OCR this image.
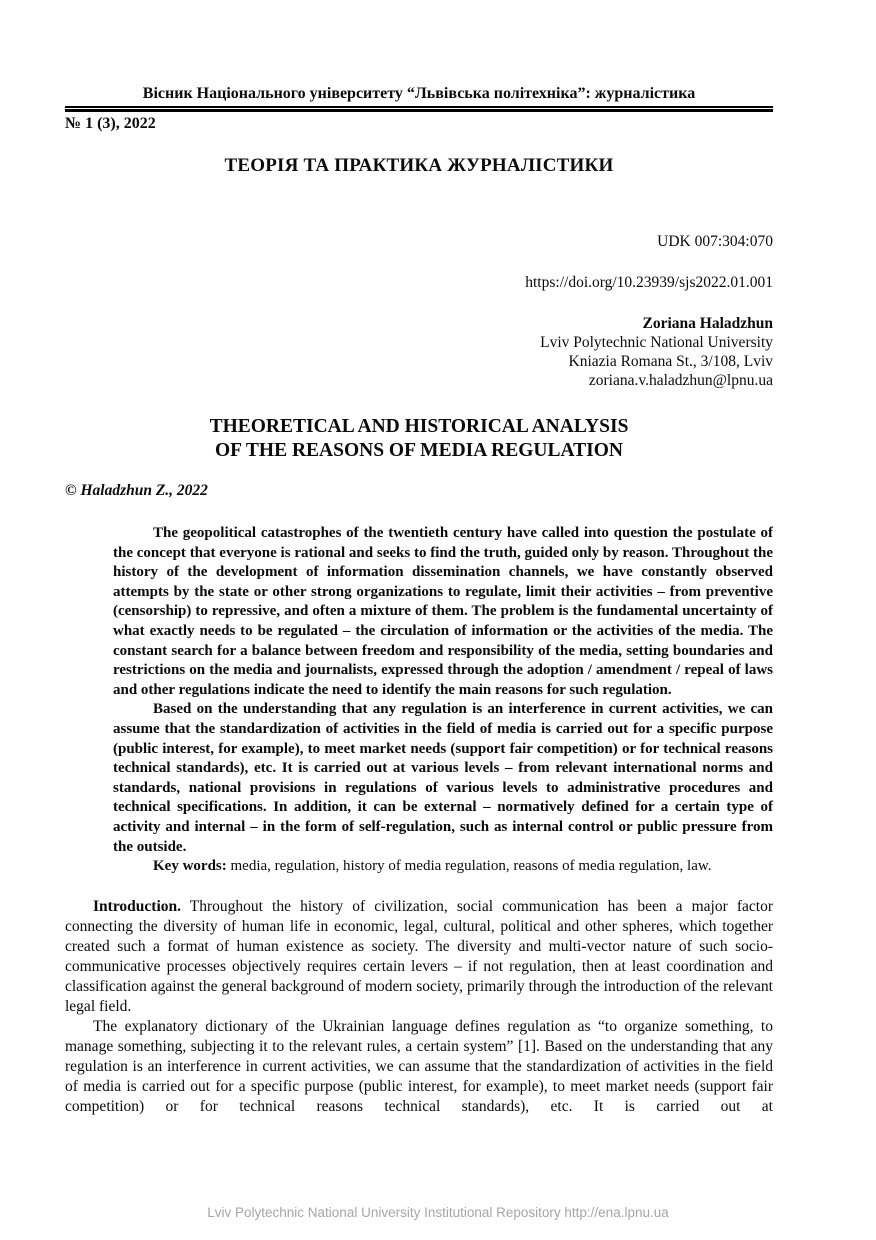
Вісник Національного університету “Львівська політехніка”: журналістика
№ 1 (3), 2022
ТЕОРІЯ ТА ПРАКТИКА ЖУРНАЛІСТИКИ
UDK 007:304:070
https://doi.org/10.23939/sjs2022.01.001
Zoriana Haladzhun
Lviv Polytechnic National University
Kniazia Romana St., 3/108, Lviv
zoriana.v.haladzhun@lpnu.ua
THEORETICAL AND HISTORICAL ANALYSIS
OF THE REASONS OF MEDIA REGULATION
© Haladzhun Z., 2022

The geopolitical catastrophes of the twentieth century have called into question the postulate of the concept that everyone is rational and seeks to find the truth, guided only by reason. Throughout the history of the development of information dissemination channels, we have constantly observed attempts by the state or other strong organizations to regulate, limit their activities – from preventive (censorship) to repressive, and often a mixture of them. The problem is the fundamental uncertainty of what exactly needs to be regulated – the circulation of information or the activities of the media. The constant search for a balance between freedom and responsibility of the media, setting boundaries and restrictions on the media and journalists, expressed through the adoption / amendment / repeal of laws and other regulations indicate the need to identify the main reasons for such regulation.

Based on the understanding that any regulation is an interference in current activities, we can assume that the standardization of activities in the field of media is carried out for a specific purpose (public interest, for example), to meet market needs (support fair competition) or for technical reasons technical standards), etc. It is carried out at various levels – from relevant international norms and standards, national provisions in regulations of various levels to administrative procedures and technical specifications. In addition, it can be external – normatively defined for a certain type of activity and internal – in the form of self-regulation, such as internal control or public pressure from the outside.

Key words: media, regulation, history of media regulation, reasons of media regulation, law.

Introduction. Throughout the history of civilization, social communication has been a major factor connecting the diversity of human life in economic, legal, cultural, political and other spheres, which together created such a format of human existence as society. The diversity and multi-vector nature of such socio-communicative processes objectively requires certain levers – if not regulation, then at least coordination and classification against the general background of modern society, primarily through the introduction of the relevant legal field.

The explanatory dictionary of the Ukrainian language defines regulation as “to organize something, to manage something, subjecting it to the relevant rules, a certain system” [1]. Based on the understanding that any regulation is an interference in current activities, we can assume that the standardization of activities in the field of media is carried out for a specific purpose (public interest, for example), to meet market needs (support fair competition) or for technical reasons technical standards), etc. It is carried out at

Lviv Polytechnic National University Institutional Repository http://ena.lpnu.ua
